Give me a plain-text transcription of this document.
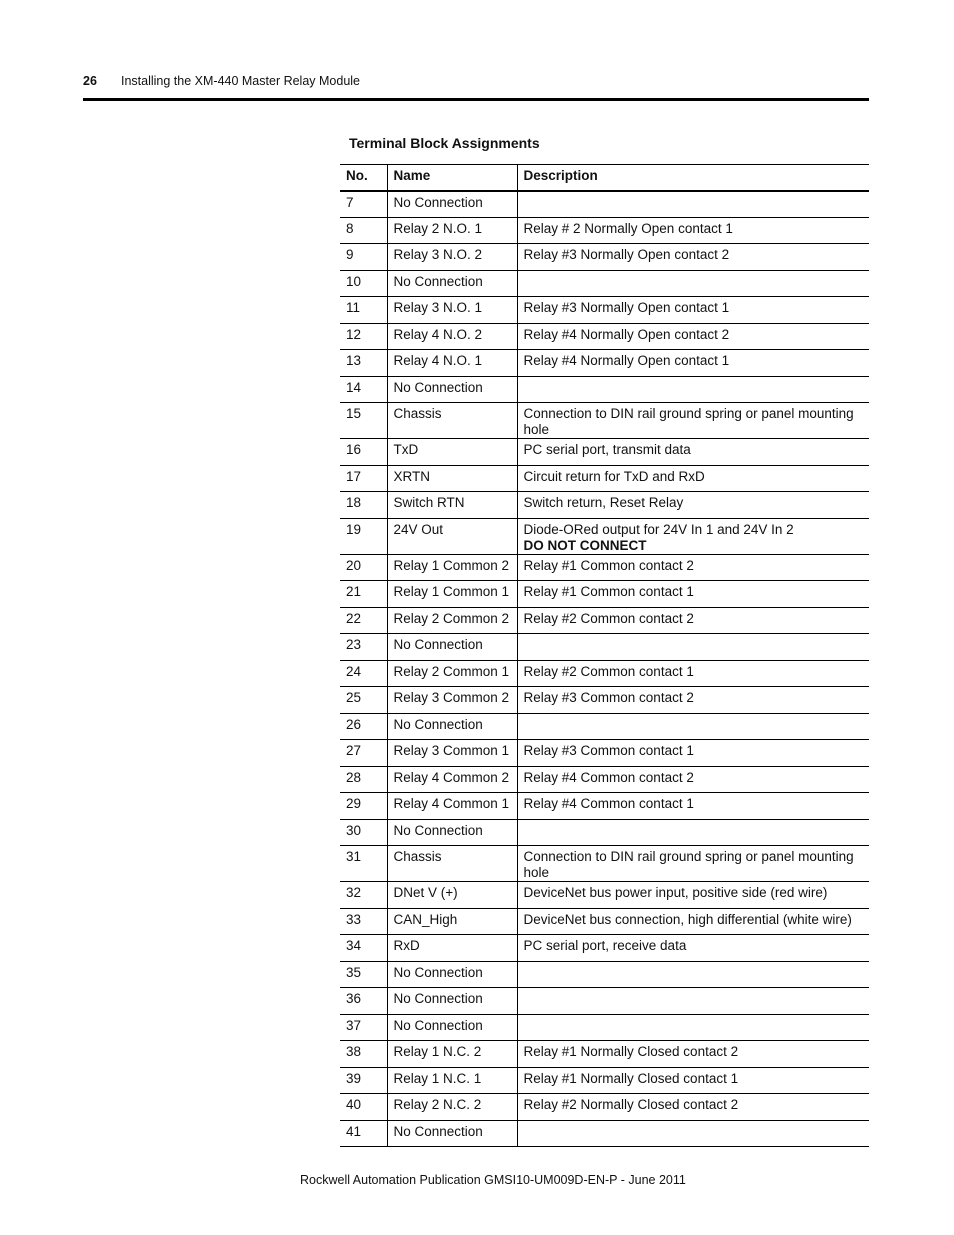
26 Installing the XM-440 Master Relay Module
Terminal Block Assignments
No.	Name	Description
7	No Connection	
8	Relay 2 N.O. 1	Relay # 2 Normally Open contact 1
9	Relay 3 N.O. 2	Relay #3 Normally Open contact 2
10	No Connection	
11	Relay 3 N.O. 1	Relay #3 Normally Open contact 1
12	Relay 4 N.O. 2	Relay #4 Normally Open contact 2
13	Relay 4 N.O. 1	Relay #4 Normally Open contact 1
14	No Connection	
15	Chassis	Connection to DIN rail ground spring or panel mounting hole
16	TxD	PC serial port, transmit data
17	XRTN	Circuit return for TxD and RxD
18	Switch RTN	Switch return, Reset Relay
19	24V Out	Diode-ORed output for 24V In 1 and 24V In 2
DO NOT CONNECT

20	Relay 1 Common 2	Relay #1 Common contact 2
21	Relay 1 Common 1	Relay #1 Common contact 1
22	Relay 2 Common 2	Relay #2 Common contact 2
23	No Connection	
24	Relay 2 Common 1	Relay #2 Common contact 1
25	Relay 3 Common 2	Relay #3 Common contact 2
26	No Connection	
27	Relay 3 Common 1	Relay #3 Common contact 1
28	Relay 4 Common 2	Relay #4 Common contact 2
29	Relay 4 Common 1	Relay #4 Common contact 1
30	No Connection	
31	Chassis	Connection to DIN rail ground spring or panel mounting hole
32	DNet V (+)	DeviceNet bus power input, positive side (red wire)
33	CAN_High	DeviceNet bus connection, high differential (white wire)
34	RxD	PC serial port, receive data
35	No Connection	
36	No Connection	
37	No Connection	
38	Relay 1 N.C. 2	Relay #1 Normally Closed contact 2
39	Relay 1 N.C. 1	Relay #1 Normally Closed contact 1
40	Relay 2 N.C. 2	Relay #2 Normally Closed contact 2
41	No Connection	
Rockwell Automation Publication GMSI10-UM009D-EN-P - June 2011
